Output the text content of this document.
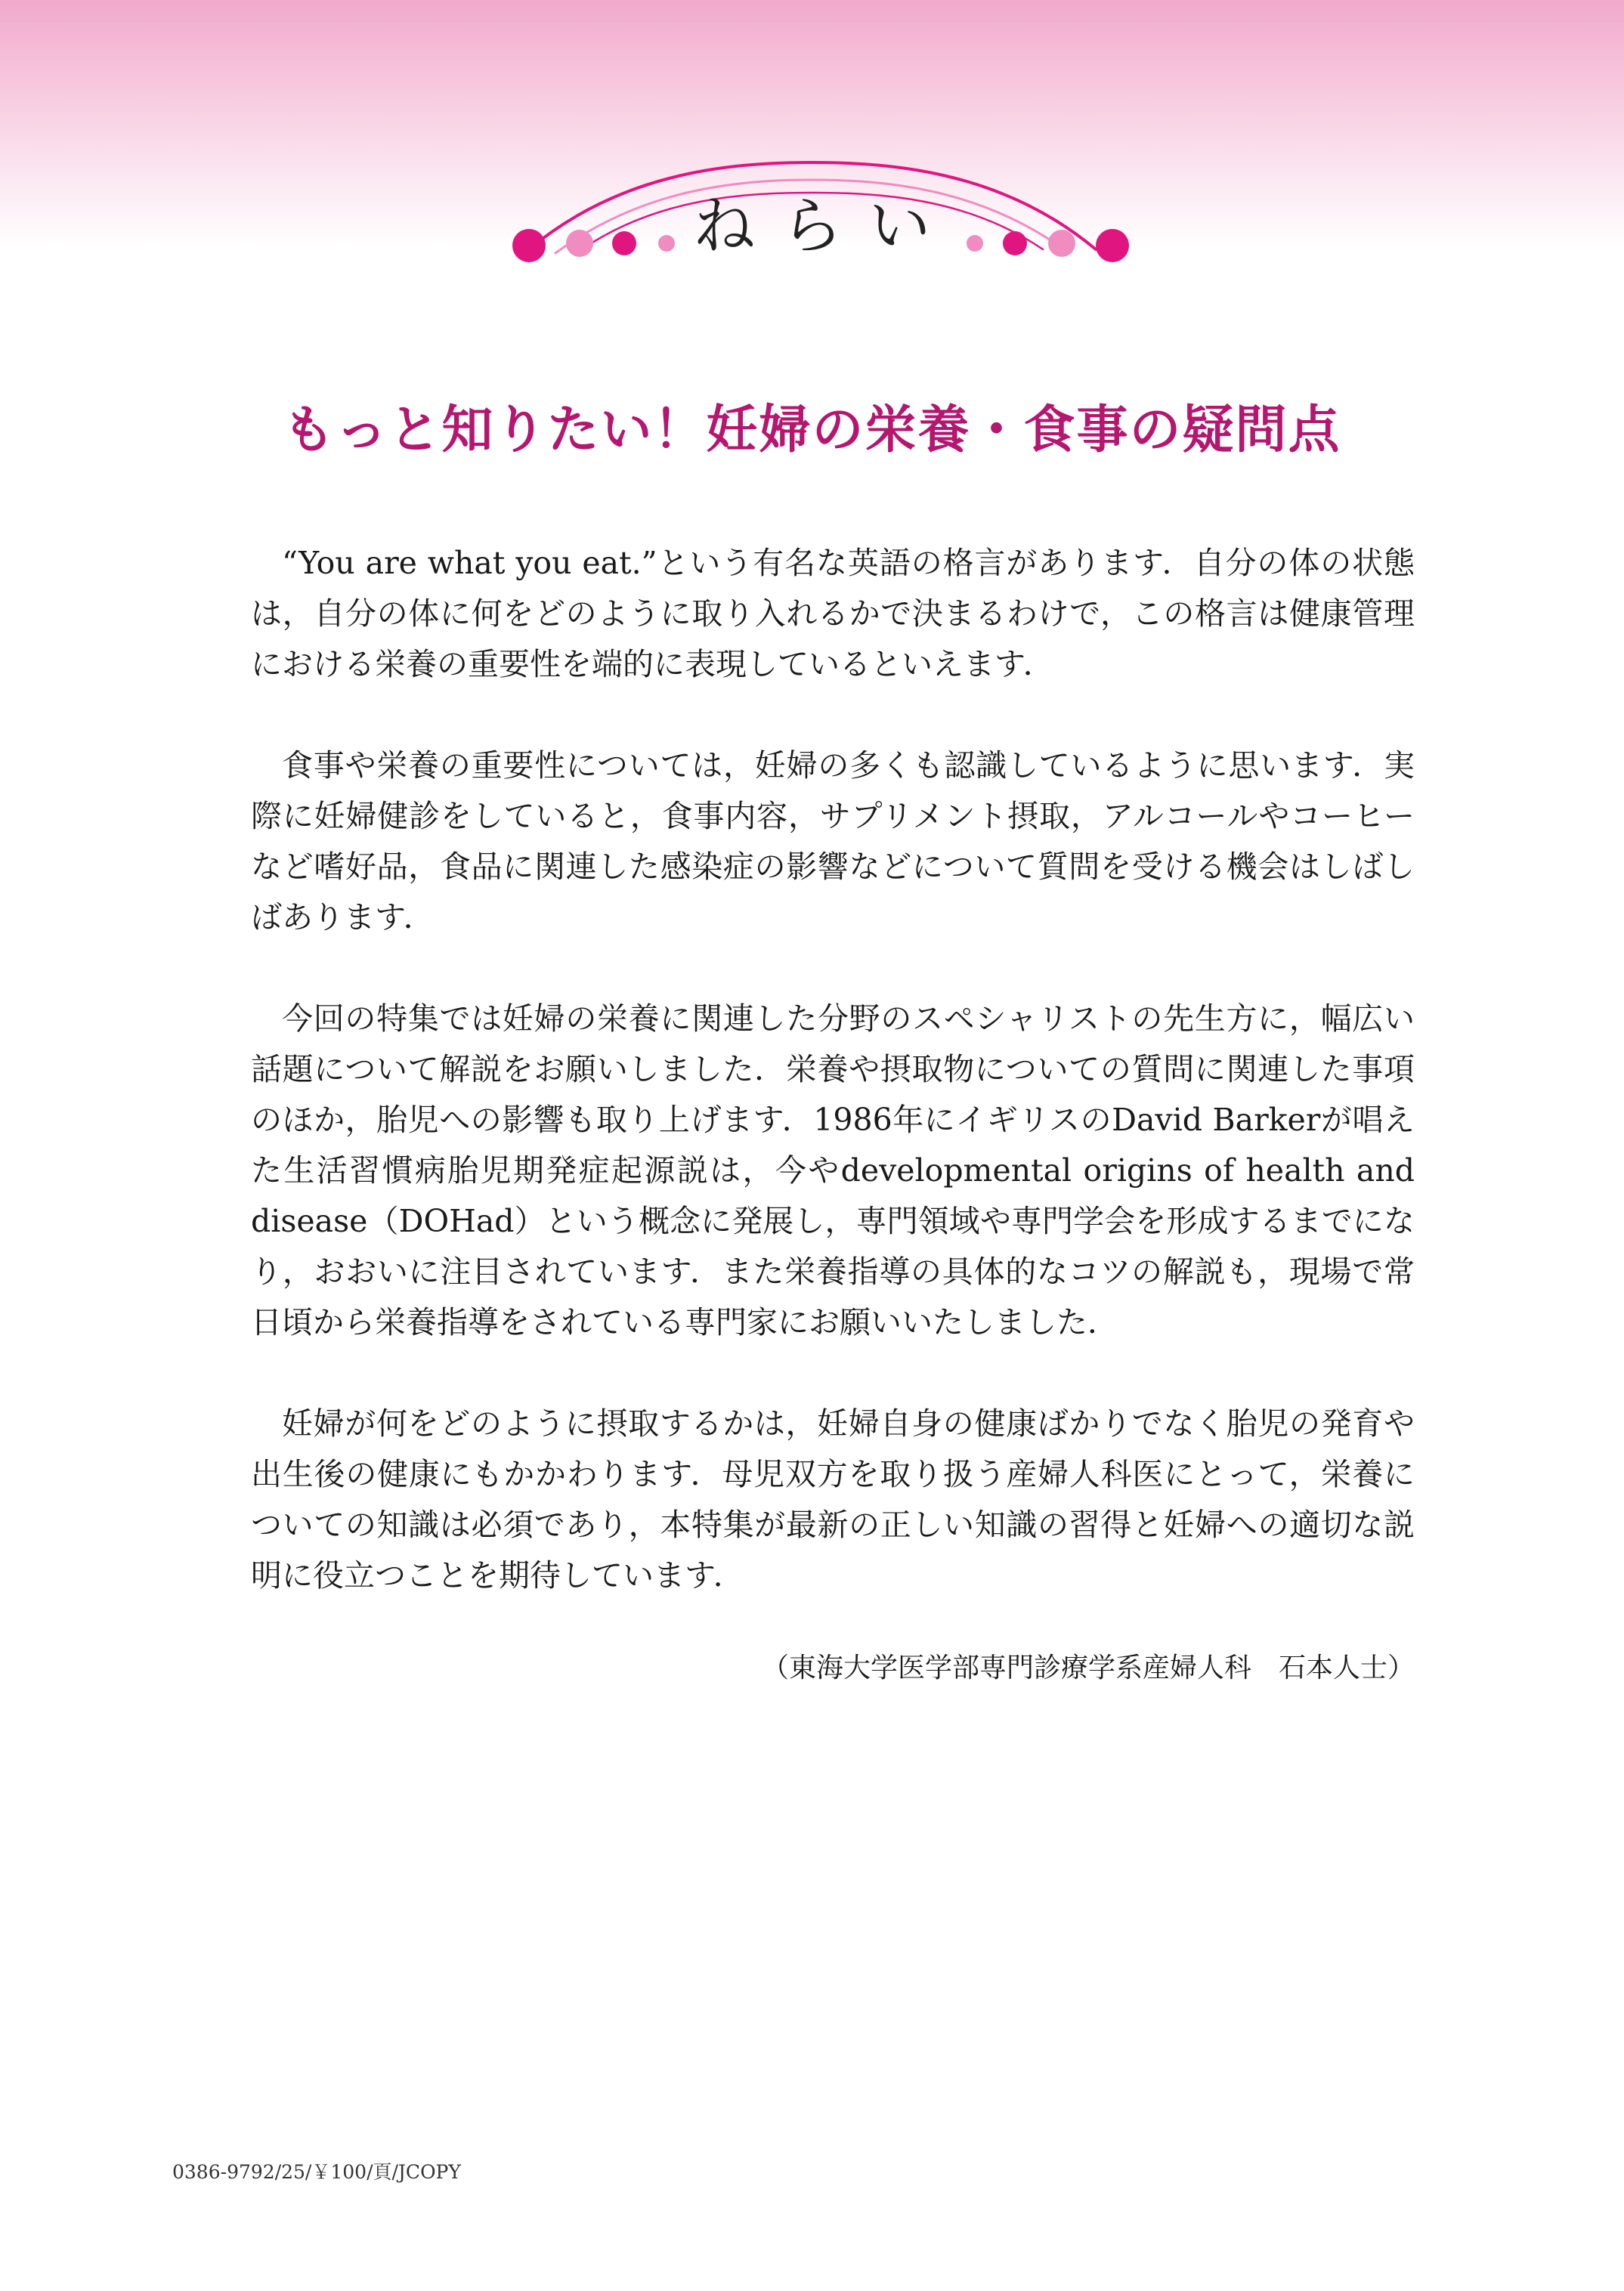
ねらい
もっと知りたい！妊婦の栄養・食事の疑問点

“You are what you eat.”という有名な英語の格言があります．自分の体の状態は，自分の体に何をどのように取り入れるかで決まるわけで，この格言は健康管理における栄養の重要性を端的に表現しているといえます．

食事や栄養の重要性については，妊婦の多くも認識しているように思います．実際に妊婦健診をしていると，食事内容，サプリメント摂取，アルコールやコーヒーなど嗜好品，食品に関連した感染症の影響などについて質問を受ける機会はしばしばあります．

今回の特集では妊婦の栄養に関連した分野のスペシャリストの先生方に，幅広い話題について解説をお願いしました．栄養や摂取物についての質問に関連した事項のほか，胎児への影響も取り上げます．1986年にイギリスのDavid Barkerが唱えた生活習慣病胎児期発症起源説は，今やdevelopmental origins of health and disease（DOHad）という概念に発展し，専門領域や専門学会を形成するまでになり，おおいに注目されています．また栄養指導の具体的なコツの解説も，現場で常日頃から栄養指導をされている専門家にお願いいたしました．

妊婦が何をどのように摂取するかは，妊婦自身の健康ばかりでなく胎児の発育や出生後の健康にもかかわります．母児双方を取り扱う産婦人科医にとって，栄養についての知識は必須であり，本特集が最新の正しい知識の習得と妊婦への適切な説明に役立つことを期待しています．

（東海大学医学部専門診療学系産婦人科　石本人士）
0386-9792/25/￥100/頁/JCOPY
